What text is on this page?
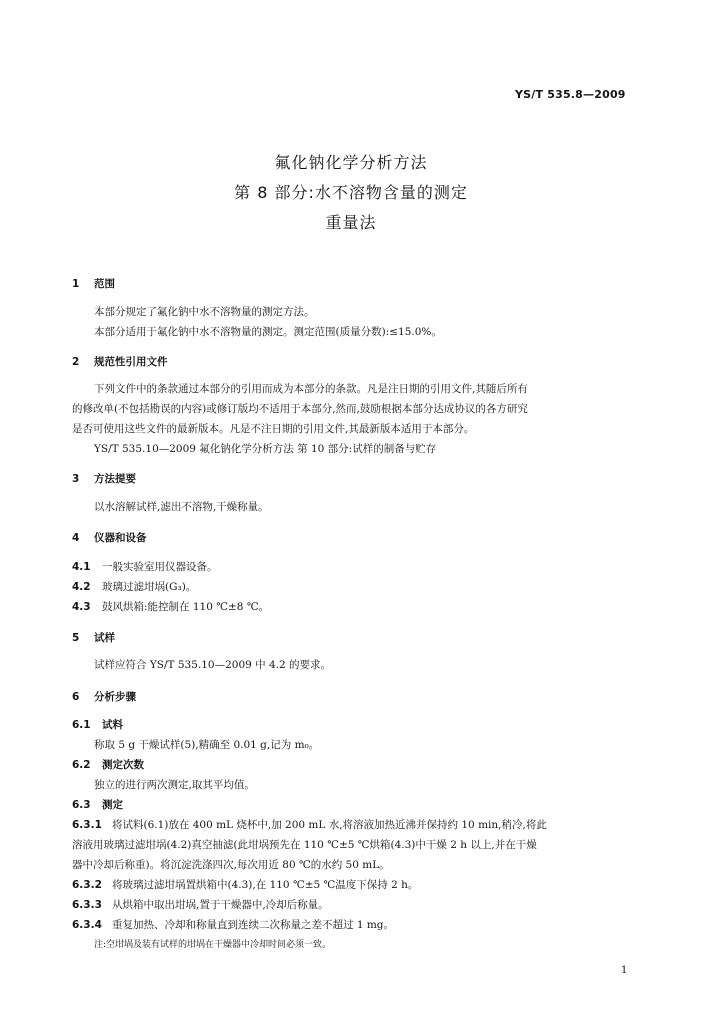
YS/T 535.8—2009
氟化钠化学分析方法
第 8 部分:水不溶物含量的测定
重量法
1 范围
本部分规定了氟化钠中水不溶物量的测定方法。
本部分适用于氟化钠中水不溶物量的测定。测定范围(质量分数):≤15.0%。
2 规范性引用文件
下列文件中的条款通过本部分的引用而成为本部分的条款。凡是注日期的引用文件,其随后所有
的修改单(不包括勘误的内容)或修订版均不适用于本部分,然而,鼓励根据本部分达成协议的各方研究
是否可使用这些文件的最新版本。凡是不注日期的引用文件,其最新版本适用于本部分。
YS/T 535.10—2009 氟化钠化学分析方法 第 10 部分:试样的制备与贮存
3 方法提要
以水溶解试样,滤出不溶物,干燥称量。
4 仪器和设备
4.1 一般实验室用仪器设备。
4.2 玻璃过滤坩埚(G₃)。
4.3 鼓风烘箱:能控制在 110 ℃±8 ℃。
5 试样
试样应符合 YS/T 535.10—2009 中 4.2 的要求。
6 分析步骤
6.1 试料
称取 5 g 干燥试样(5),精确至 0.01 g,记为 m₀。
6.2 测定次数
独立的进行两次测定,取其平均值。
6.3 测定
6.3.1 将试料(6.1)放在 400 mL 烧杯中,加 200 mL 水,将溶液加热近沸并保持约 10 min,稍冷,将此
溶液用玻璃过滤坩埚(4.2)真空抽滤(此坩埚预先在 110 ℃±5 ℃烘箱(4.3)中干燥 2 h 以上,并在干燥
器中冷却后称重)。将沉淀洗涤四次,每次用近 80 ℃的水约 50 mL。
6.3.2 将玻璃过滤坩埚置烘箱中(4.3),在 110 ℃±5 ℃温度下保持 2 h。
6.3.3 从烘箱中取出坩埚,置于干燥器中,冷却后称量。
6.3.4 重复加热、冷却和称量直到连续二次称量之差不超过 1 mg。
注:空坩埚及装有试样的坩埚在干燥器中冷却时间必须一致。
1
